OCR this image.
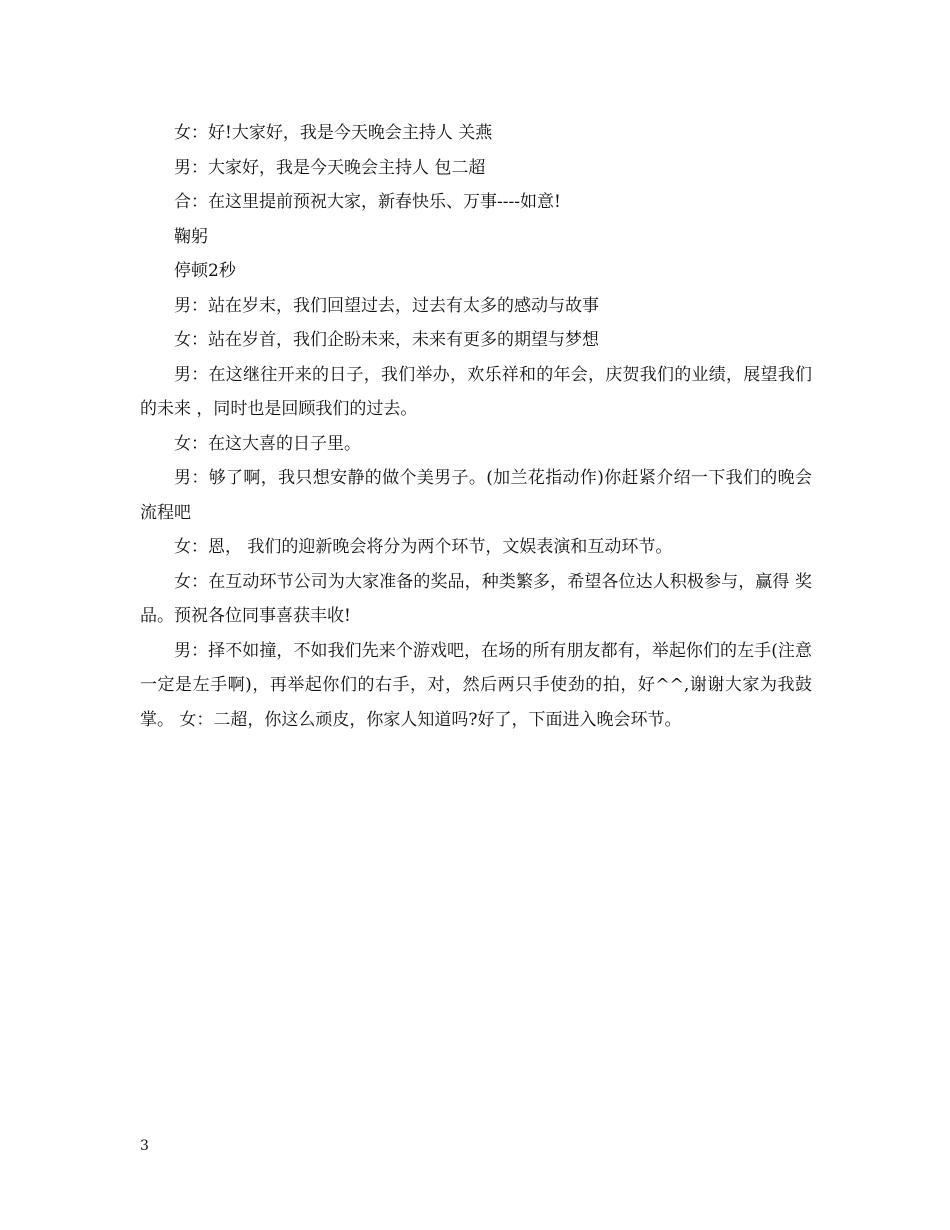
女：好!大家好，我是今天晚会主持人 关燕

男：大家好，我是今天晚会主持人 包二超

合：在这里提前预祝大家，新春快乐、万事----如意!

鞠躬

停顿2秒

男：站在岁末，我们回望过去，过去有太多的感动与故事

女：站在岁首，我们企盼未来，未来有更多的期望与梦想

男：在这继往开来的日子，我们举办，欢乐祥和的年会，庆贺我们的业绩，展望我们的未来 ，同时也是回顾我们的过去。

女：在这大喜的日子里。

男：够了啊，我只想安静的做个美男子。(加兰花指动作)你赶紧介绍一下我们的晚会流程吧

女：恩， 我们的迎新晚会将分为两个环节，文娱表演和互动环节。

女：在互动环节公司为大家准备的奖品，种类繁多，希望各位达人积极参与，赢得 奖品。预祝各位同事喜获丰收!

男：择不如撞，不如我们先来个游戏吧，在场的所有朋友都有，举起你们的左手(注意一定是左手啊)，再举起你们的右手，对，然后两只手使劲的拍，好^^,谢谢大家为我鼓掌。 女：二超，你这么顽皮，你家人知道吗?好了，下面进入晚会环节。

3
